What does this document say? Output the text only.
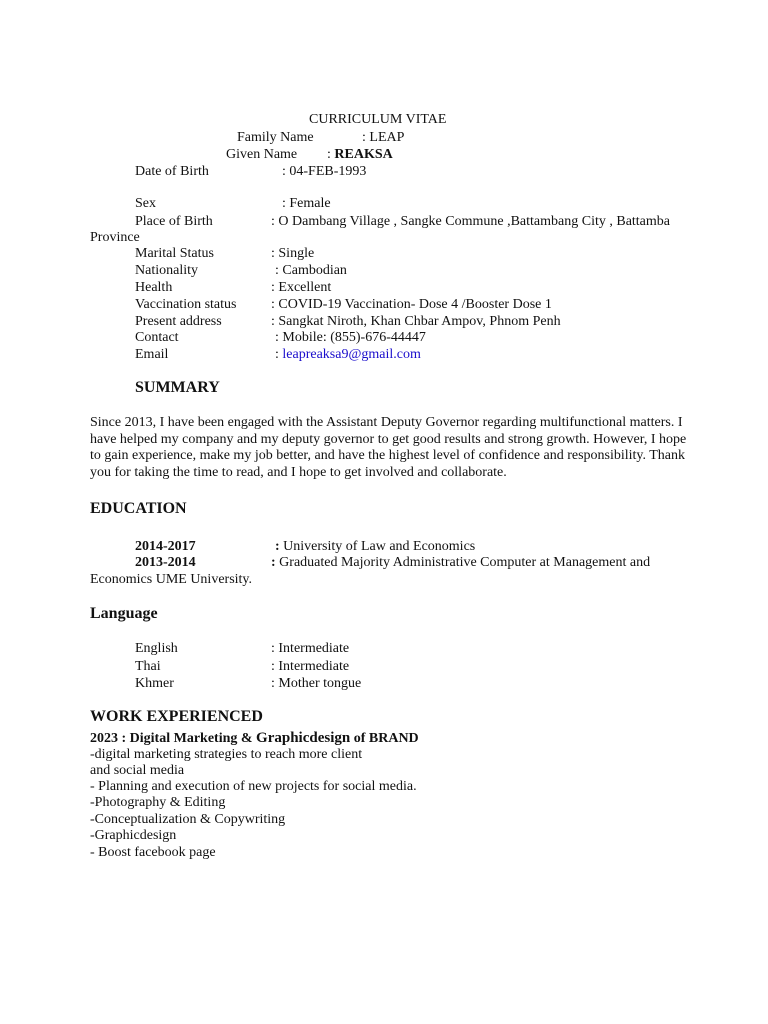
CURRICULUM VITAE
Family Name	: LEAP
Given Name : REAKSA
Date of Birth	: 04-FEB-1993
Sex	: Female
Place of Birth	: O Dambang Village , Sangke Commune ,Battambang City , Battamba
Province
Marital Status	: Single
Nationality	: Cambodian
Health	: Excellent
Vaccination status : COVID-19 Vaccination- Dose 4 /Booster Dose 1
Present address	: Sangkat Niroth, Khan Chbar Ampov, Phnom Penh
Contact	: Mobile: (855)-676-44447
Email	: leapreaksa9@gmail.com
SUMMARY
Since 2013, I have been engaged with the Assistant Deputy Governor regarding multifunctional matters. I have helped my company and my deputy governor to get good results and strong growth. However, I hope to gain experience, make my job better, and have the highest level of confidence and responsibility. Thank you for taking the time to read, and I hope to get involved and collaborate.
EDUCATION
2014-2017	: University of Law and Economics
2013-2014	: Graduated Majority Administrative Computer at Management and
Economics UME University.
Language
English	: Intermediate
Thai	: Intermediate
Khmer	: Mother tongue
WORK EXPERIENCED
2023 : Digital Marketing & Graphicdesign of BRAND
-digital marketing strategies to reach more client
and social media
- Planning and execution of new projects for social media.
-Photography & Editing
-Conceptualization & Copywriting
-Graphicdesign
- Boost facebook page
